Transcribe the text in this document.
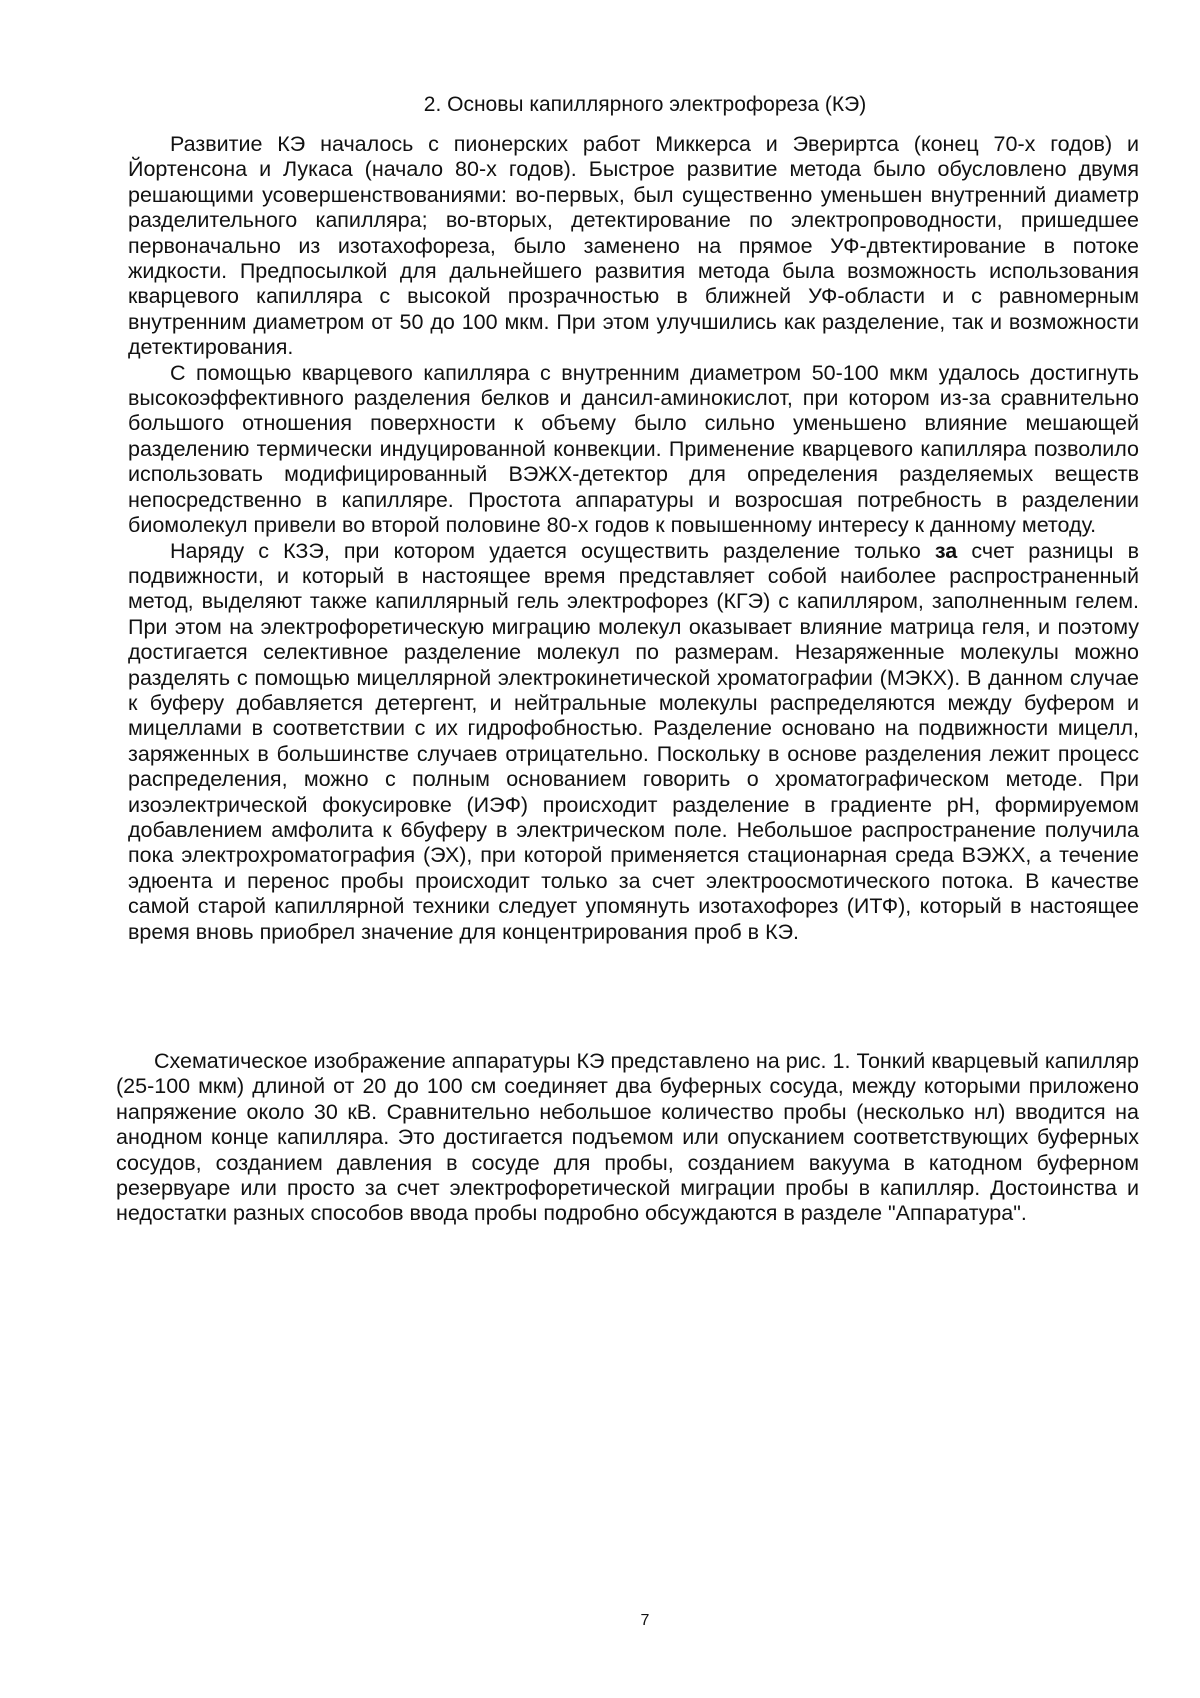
2. Основы капиллярного электрофореза (КЭ)

Развитие КЭ началось с пионерских работ Миккерса и Эвериртса (конец 70-х годов) и Йортенсона и Лукаса (начало 80-х годов). Быстрое развитие метода было обусловлено двумя решающими усовершенствованиями: во-первых, был существенно уменьшен внутренний диаметр разделительного капилляра; во-вторых, детектирование по электропроводности, пришедшее первоначально из изотахофореза, было заменено на прямое УФ-двтектирование в потоке жидкости. Предпосылкой для дальнейшего развития метода была возможность использования кварцевого капилляра с высокой прозрачностью в ближней УФ-области и с равномерным внутренним диаметром от 50 до 100 мкм. При этом улучшились как разделение, так и возможности детектирования.

С помощью кварцевого капилляра с внутренним диаметром 50-100 мкм удалось достигнуть высокоэффективного разделения белков и дансил-аминокислот, при котором из-за сравнительно большого отношения поверхности к объему было сильно уменьшено влияние мешающей разделению термически индуцированной конвекции. Применение кварцевого капилляра позволило использовать модифицированный ВЭЖХ-детектор для определения разделяемых веществ непосредственно в капилляре. Простота аппаратуры и возросшая потребность в разделении биомолекул привели во второй половине 80-х годов к повышенному интересу к данному методу.

Наряду с КЗЭ, при котором удается осуществить разделение только за счет разницы в подвижности, и который в настоящее время представляет собой наиболее распространенный метод, выделяют также капиллярный гель электрофорез (КГЭ) с капилляром, заполненным гелем. При этом на электрофоретическую миграцию молекул оказывает влияние матрица геля, и поэтому достигается селективное разделение молекул по размерам. Незаряженные молекулы можно разделять с помощью мицеллярной электрокинетической хроматографии (МЭКХ). В данном случае к буферу добавляется детергент, и нейтральные молекулы распределяются между буфером и мицеллами в соответствии с их гидрофобностью. Разделение основано на подвижности мицелл, заряженных в большинстве случаев отрицательно. Поскольку в основе разделения лежит процесс распределения, можно с полным основанием говорить о хроматографическом методе. При изоэлектрической фокусировке (ИЭФ) происходит разделение в градиенте pH, формируемом добавлением амфолита к 6буферу в электрическом поле. Небольшое распространение получила пока электрохроматография (ЭХ), при которой применяется стационарная среда ВЭЖХ, а течение эдюента и перенос пробы происходит только за счет электроосмотического потока. В качестве самой старой капиллярной техники следует упомянуть изотахофорез (ИТФ), который в настоящее время вновь приобрел значение для концентрирования проб в КЭ.

Схематическое изображение аппаратуры КЭ представлено на рис. 1. Тонкий кварцевый капилляр (25-100 мкм) длиной от 20 до 100 см соединяет два буферных сосуда, между которыми приложено напряжение около 30 кВ. Сравнительно небольшое количество пробы (несколько нл) вводится на анодном конце капилляра. Это достигается подъемом или опусканием соответствующих буферных сосудов, созданием давления в сосуде для пробы, созданием вакуума в катодном буферном резервуаре или просто за счет электрофоретической миграции пробы в капилляр. Достоинства и недостатки разных способов ввода пробы подробно обсуждаются в разделе "Аппаратура".

7
